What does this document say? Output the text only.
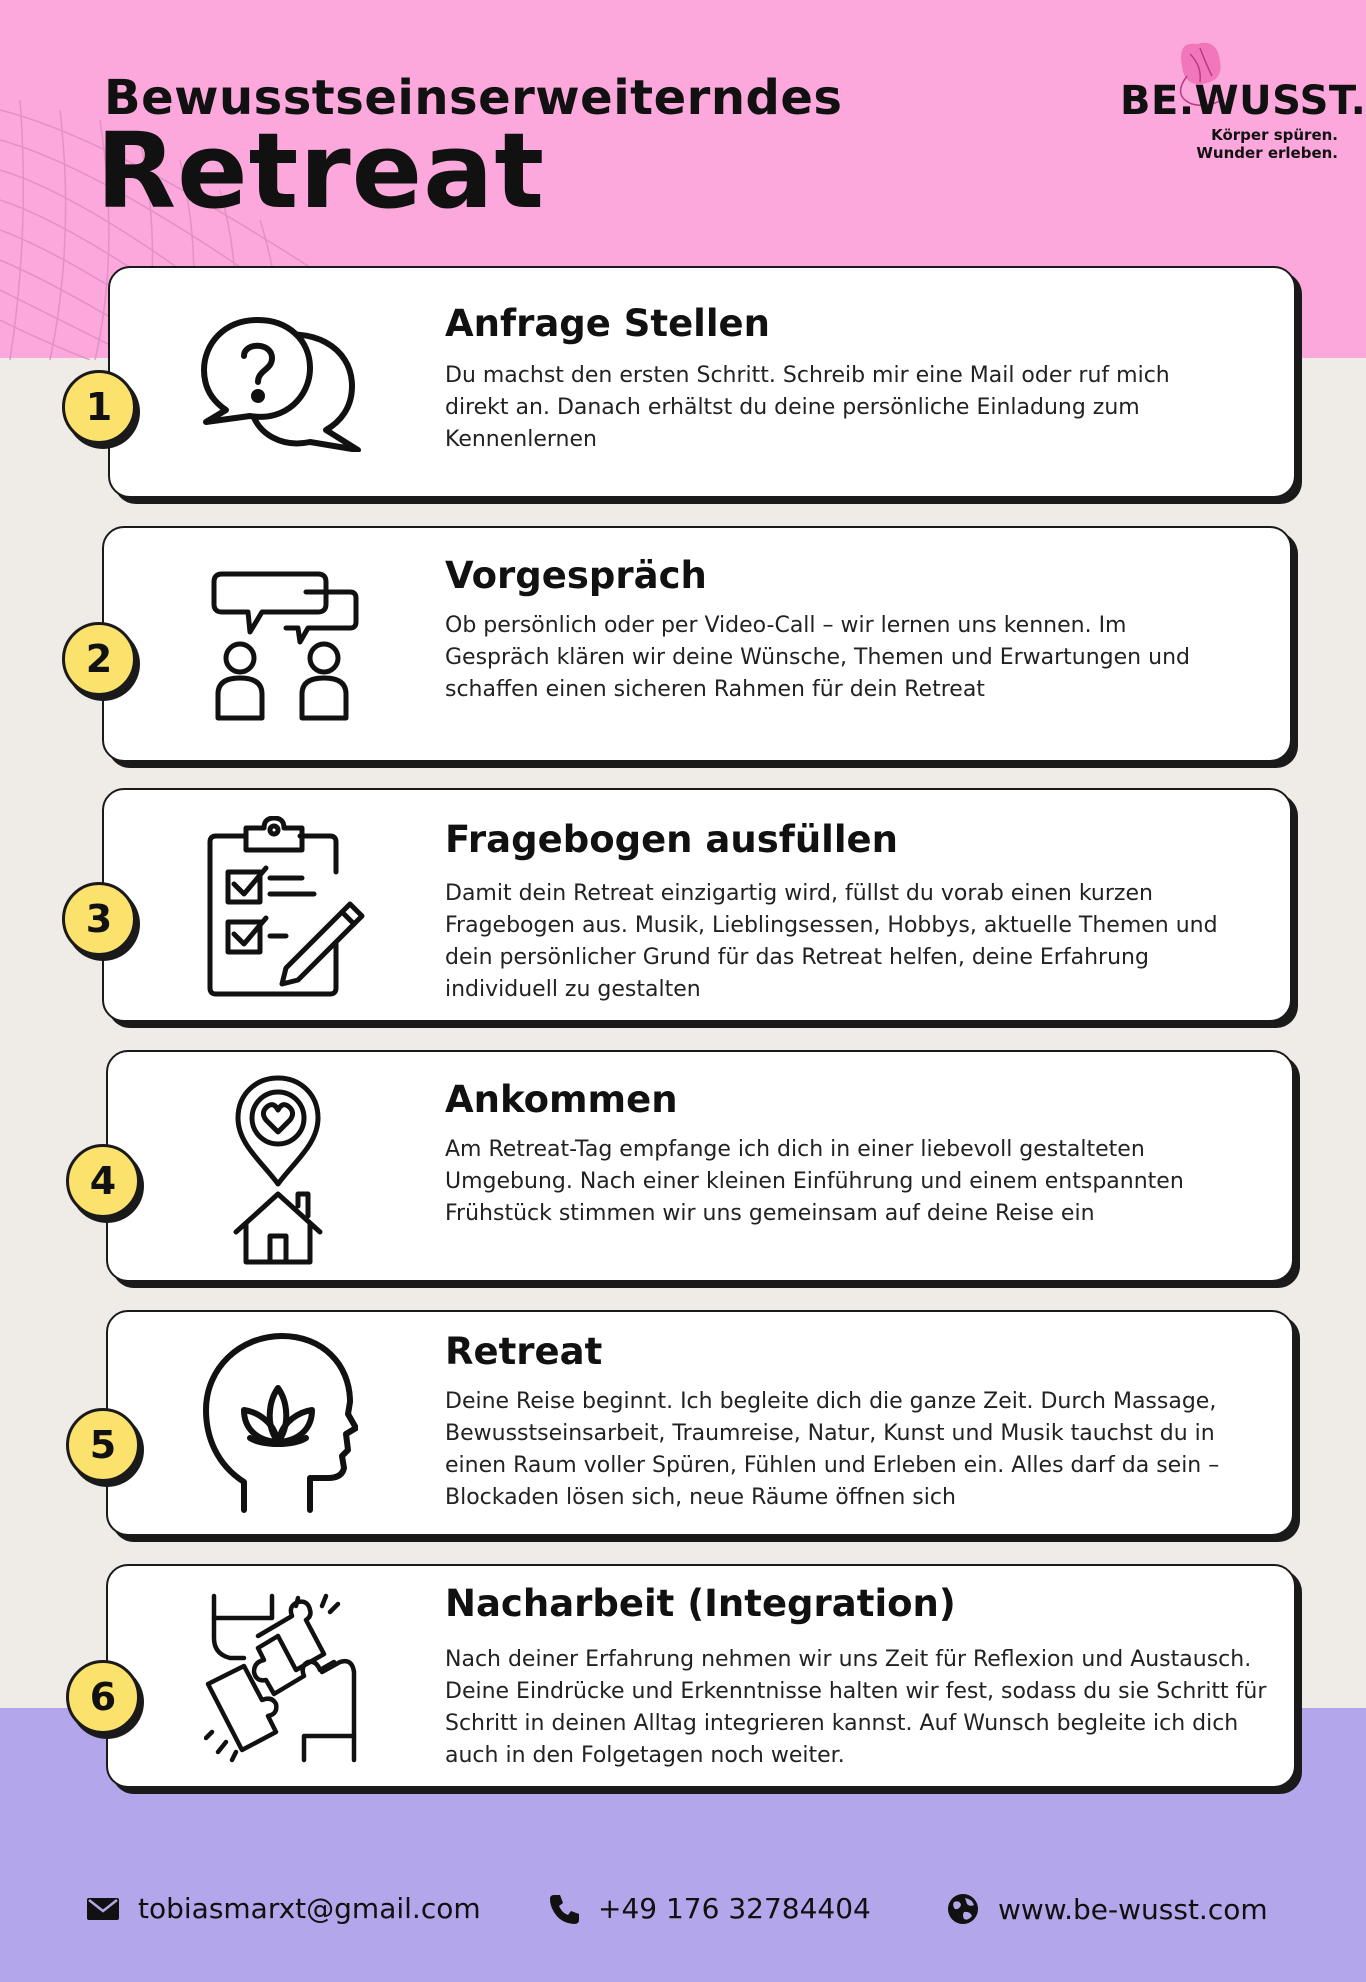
Bewusstseinserweiterndes
Retreat
BE.WUSST.
Körper spüren.
Wunder erleben.
1
Anfrage Stellen
Du machst den ersten Schritt. Schreib mir eine Mail oder ruf mich direkt an. Danach erhältst du deine persönliche Einladung zum Kennenlernen
2
Vorgespräch
Ob persönlich oder per Video-Call – wir lernen uns kennen. Im Gespräch klären wir deine Wünsche, Themen und Erwartungen und schaffen einen sicheren Rahmen für dein Retreat
3
Fragebogen ausfüllen
Damit dein Retreat einzigartig wird, füllst du vorab einen kurzen Fragebogen aus. Musik, Lieblingsessen, Hobbys, aktuelle Themen und dein persönlicher Grund für das Retreat helfen, deine Erfahrung individuell zu gestalten
4
Ankommen
Am Retreat-Tag empfange ich dich in einer liebevoll gestalteten Umgebung. Nach einer kleinen Einführung und einem entspannten Frühstück stimmen wir uns gemeinsam auf deine Reise ein
5
Retreat
Deine Reise beginnt. Ich begleite dich die ganze Zeit. Durch Massage, Bewusstseinsarbeit, Traumreise, Natur, Kunst und Musik tauchst du in einen Raum voller Spüren, Fühlen und Erleben ein. Alles darf da sein – Blockaden lösen sich, neue Räume öffnen sich
6
Nacharbeit (Integration)
Nach deiner Erfahrung nehmen wir uns Zeit für Reflexion und Austausch. Deine Eindrücke und Erkenntnisse halten wir fest, sodass du sie Schritt für Schritt in deinen Alltag integrieren kannst. Auf Wunsch begleite ich dich auch in den Folgetagen noch weiter.
tobiasmarxt@gmail.com	+49 176 32784404	www.be-wusst.com
